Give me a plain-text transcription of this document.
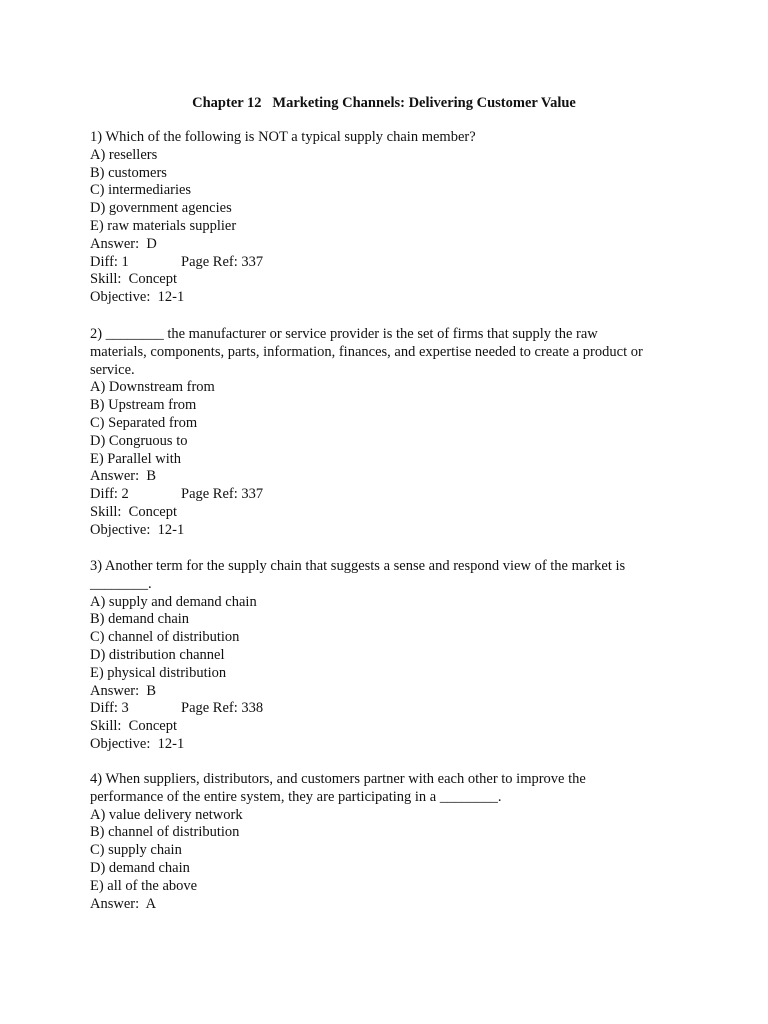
Chapter 12   Marketing Channels: Delivering Customer Value
1) Which of the following is NOT a typical supply chain member?
A) resellers
B) customers
C) intermediaries
D) government agencies
E) raw materials supplier
Answer:  D

Diff: 1

	Page Ref: 337

Skill:  Concept
Objective:  12-1
2) ________ the manufacturer or service provider is the set of firms that supply the raw
materials, components, parts, information, finances, and expertise needed to create a product or
service.
A) Downstream from
B) Upstream from
C) Separated from
D) Congruous to
E) Parallel with
Answer:  B

Diff: 2

	Page Ref: 337

Skill:  Concept
Objective:  12-1
3) Another term for the supply chain that suggests a sense and respond view of the market is
________.
A) supply and demand chain
B) demand chain
C) channel of distribution
D) distribution channel
E) physical distribution
Answer:  B

Diff: 3

	Page Ref: 338

Skill:  Concept
Objective:  12-1
4) When suppliers, distributors, and customers partner with each other to improve the
performance of the entire system, they are participating in a ________.
A) value delivery network
B) channel of distribution
C) supply chain
D) demand chain
E) all of the above
Answer:  A
